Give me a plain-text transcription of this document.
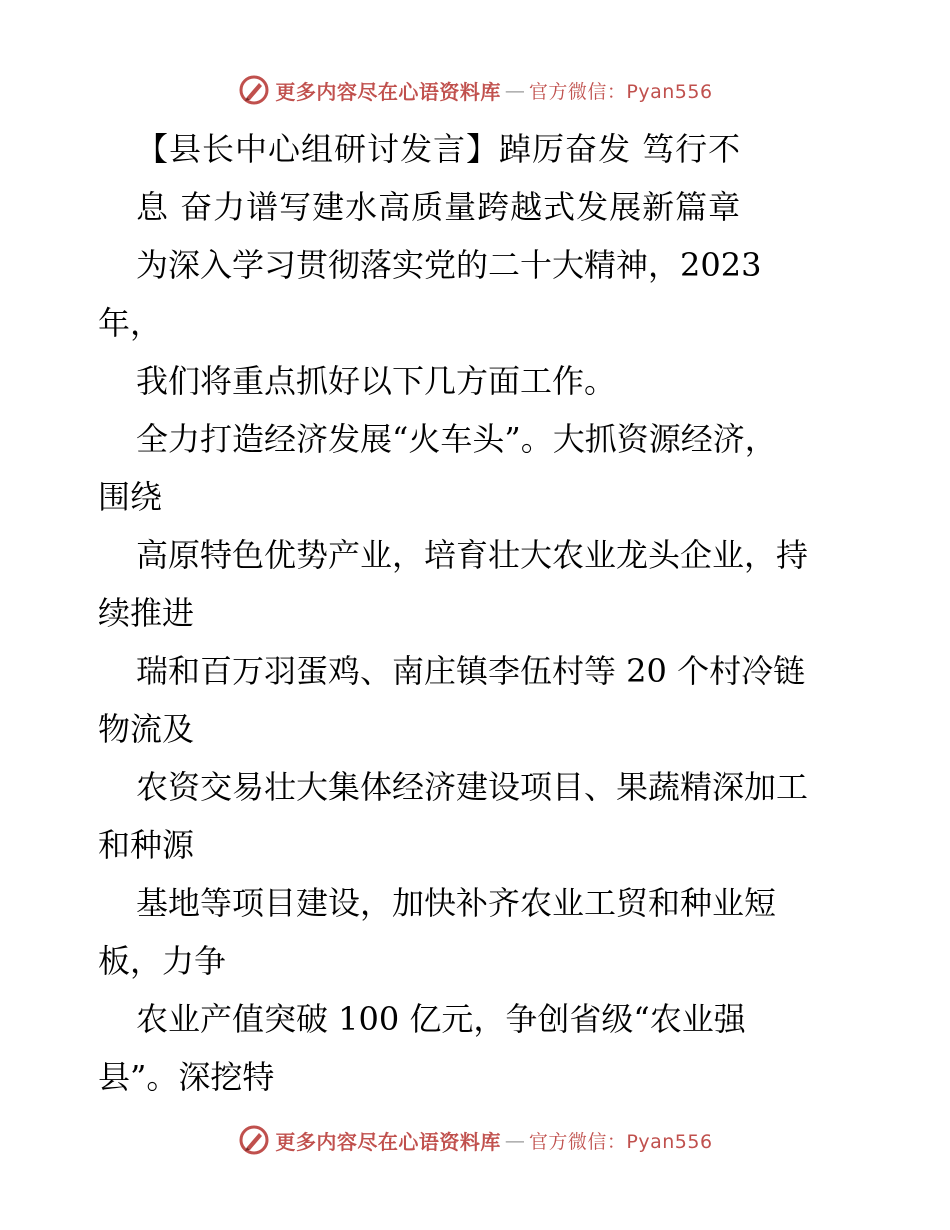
更多内容尽在心语资料库 — 官方微信：Pyan556
【县长中心组研讨发言】踔厉奋发 笃行不
息 奋力谱写建水高质量跨越式发展新篇章
为深入学习贯彻落实党的二十大精神，2023
年，
我们将重点抓好以下几方面工作。
全力打造经济发展“火车头”。大抓资源经济，
围绕
高原特色优势产业，培育壮大农业龙头企业，持
续推进
瑞和百万羽蛋鸡、南庄镇李伍村等 20 个村冷链
物流及
农资交易壮大集体经济建设项目、果蔬精深加工
和种源
基地等项目建设，加快补齐农业工贸和种业短
板，力争
农业产值突破 100 亿元，争创省级“农业强
县”。深挖特
更多内容尽在心语资料库 — 官方微信：Pyan556
